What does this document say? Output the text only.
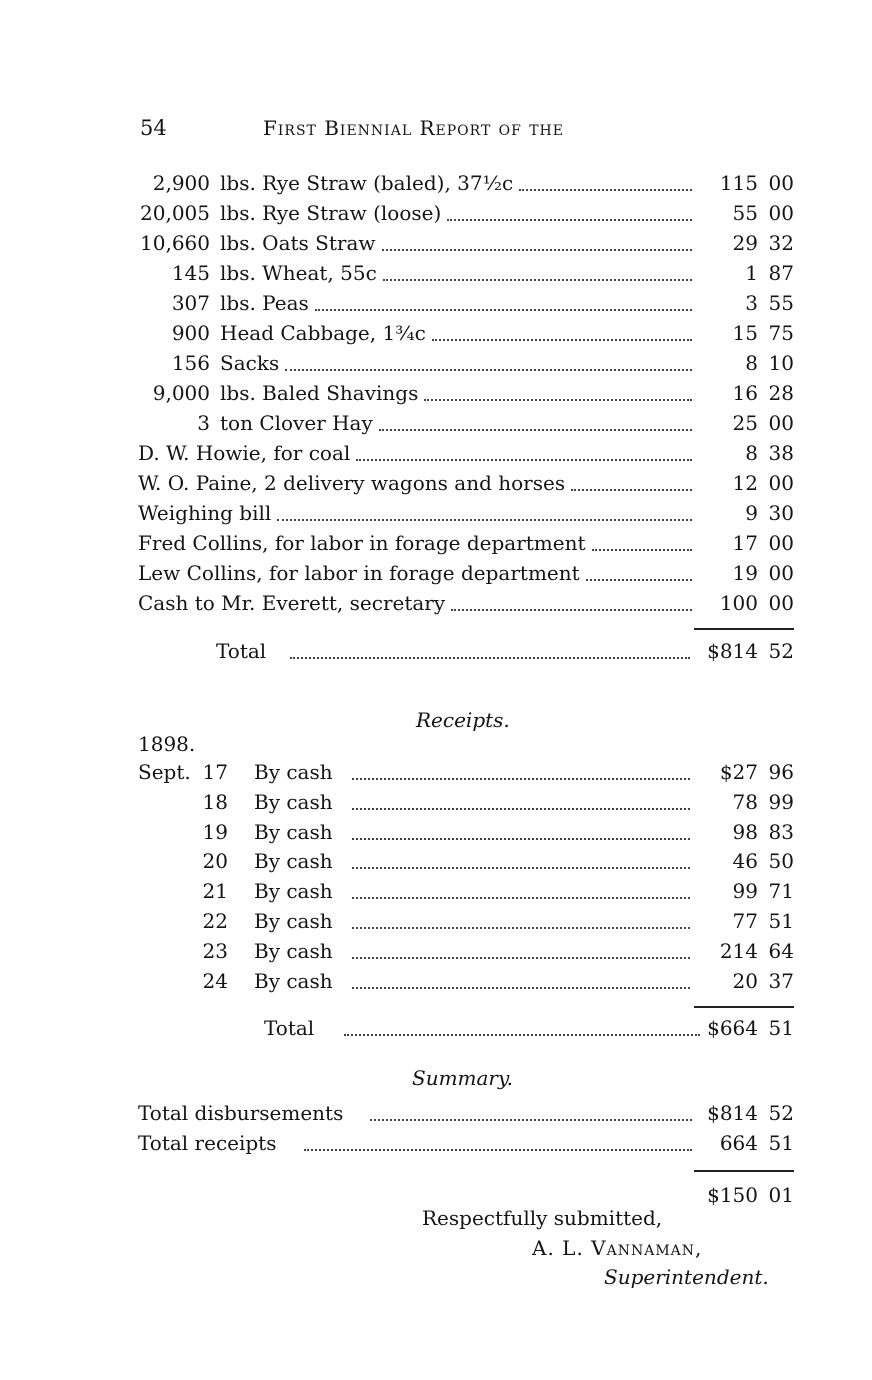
54	First Biennial Report of the
2,900 lbs. Rye Straw (baled), 37½c	115 00
20,005 lbs. Rye Straw (loose)	55 00
10,660 lbs. Oats Straw	29 32
145 lbs. Wheat, 55c	1 87
307 lbs. Peas	3 55
900 Head Cabbage, 1¾c	15 75
156 Sacks	8 10
9,000 lbs. Baled Shavings	16 28
3 ton Clover Hay	25 00
D. W. Howie, for coal	8 38
W. O. Paine, 2 delivery wagons and horses	12 00
Weighing bill	9 30
Fred Collins, for labor in forage department	17 00
Lew Collins, for labor in forage department	19 00
Cash to Mr. Everett, secretary	100 00
Total	$814 52
Receipts.
1898.
Sept. 17 By cash	$27 96
18 By cash	78 99
19 By cash	98 83
20 By cash	46 50
21 By cash	99 71
22 By cash	77 51
23 By cash	214 64
24 By cash	20 37
Total	$664 51
Summary.
Total disbursements	$814 52
Total receipts	664 51
$150 01
Respectfully submitted,
A. L. Vannaman,
Superintendent.
